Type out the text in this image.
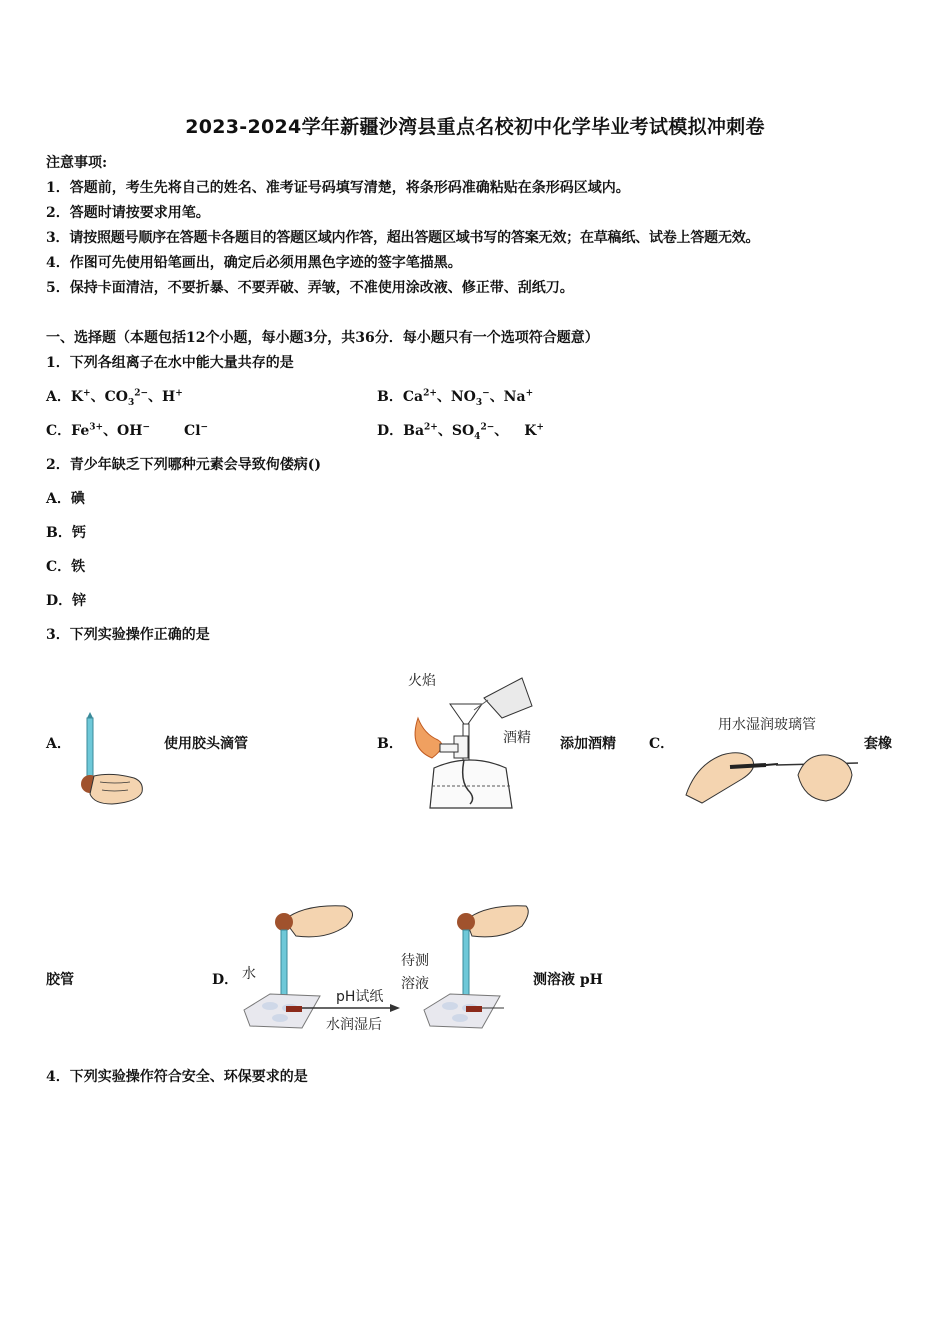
2023-2024学年新疆沙湾县重点名校初中化学毕业考试模拟冲刺卷
注意事项:
1．答题前，考生先将自己的姓名、准考证号码填写清楚，将条形码准确粘贴在条形码区域内。
2．答题时请按要求用笔。
3．请按照题号顺序在答题卡各题目的答题区域内作答，超出答题区域书写的答案无效；在草稿纸、试卷上答题无效。
4．作图可先使用铅笔画出，确定后必须用黑色字迹的签字笔描黑。
5．保持卡面清洁，不要折暴、不要弄破、弄皱，不准使用涂改液、修正带、刮纸刀。
一、选择题（本题包括12个小题，每小题3分，共36分．每小题只有一个选项符合题意）
1．下列各组离子在水中能大量共存的是
A．K+、$CO_3^{2-}$、H+	B．$Ca^{2+}$、$NO_3^-$、Na+
C．$Fe^{3+}$、OH− Cl−	D．$Ba^{2+}$、$SO_4^{2-}$、 K+
2．青少年缺乏下列哪种元素会导致佝偻病()
A．碘
B．钙
C．铁
D．锌
3．下列实验操作正确的是
A．	使用胶头滴管	B．
火焰
酒精 添加酒精 C．
用水湿润玻璃管
套橡
胶管	D． 水
pH试纸
水润湿后
待测
溶液	测溶液 pH
4．下列实验操作符合安全、环保要求的是
